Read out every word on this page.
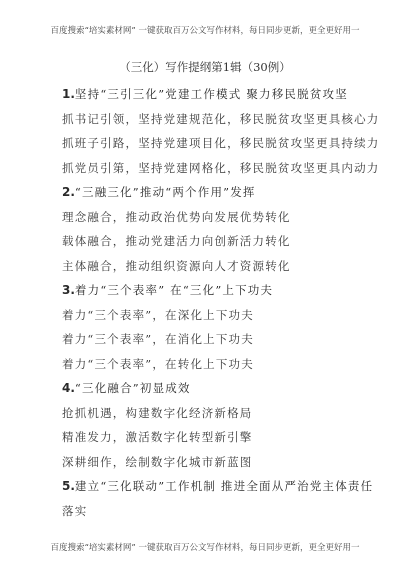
百度搜索“培实素材网” 一键获取百万公文写作材料，每日同步更新，更全更好用一
（三化）写作提纲第1辑（30例）
1.坚持“三引三化”党建工作模式 聚力移民脱贫攻坚
抓书记引领，坚持党建规范化，移民脱贫攻坚更具核心力
抓班子引路，坚持党建项目化，移民脱贫攻坚更具持续力
抓党员引第，坚持党建网格化，移民脱贫攻坚更具内动力
2.“三融三化”推动“两个作用”发挥
理念融合，推动政治优势向发展优势转化
载体融合，推动党建活力向创新活力转化
主体融合，推动组织资源向人才资源转化
3.着力“三个表率” 在“三化”上下功夫
着力“三个表率”，在深化上下功夫
着力“三个表率”，在消化上下功夫
着力“三个表率”，在转化上下功夫
4.“三化融合”初显成效
抢抓机遇，构建数字化经济新格局
精准发力，激活数字化转型新引擎
深耕细作，绘制数字化城市新蓝图
5.建立“三化联动”工作机制 推进全面从严治党主体责任
落实
百度搜索“培实素材网” 一键获取百万公文写作材料，每日同步更新，更全更好用一
